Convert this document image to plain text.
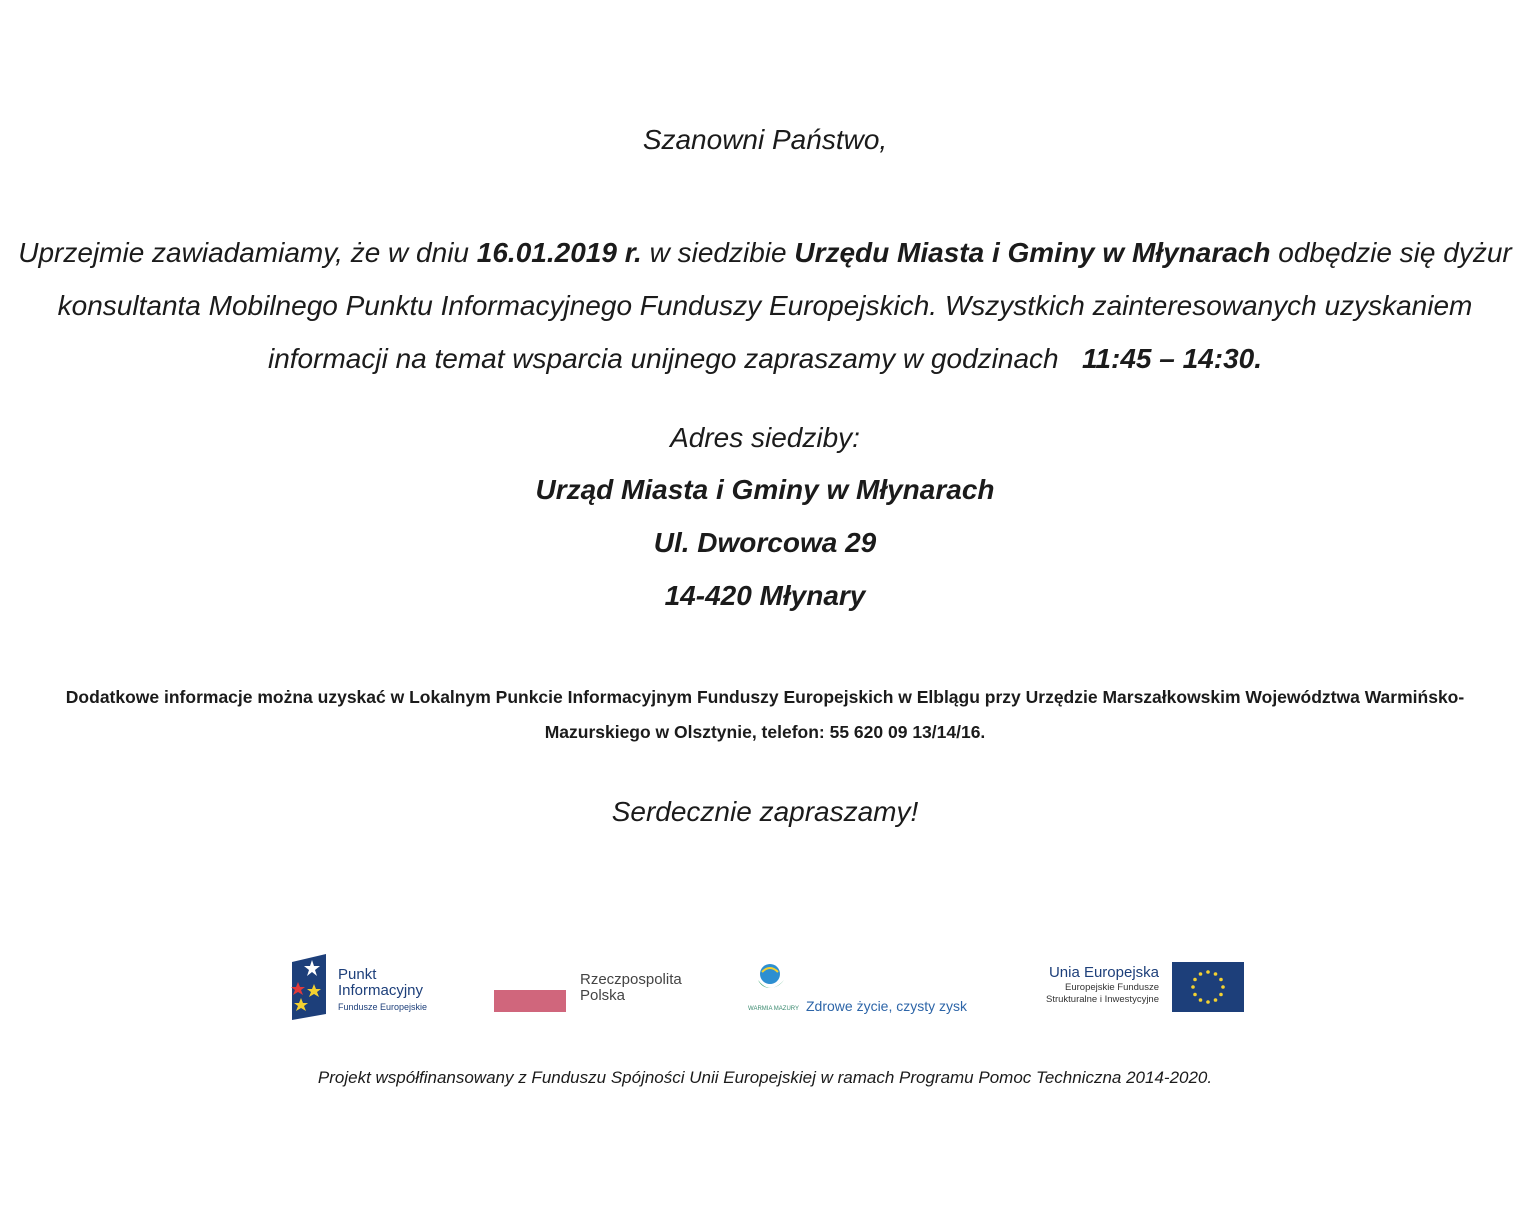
Szanowni Państwo,
Uprzejmie zawiadamiamy, że w dniu 16.01.2019 r. w siedzibie Urzędu Miasta i Gminy w Młynarach odbędzie się dyżur konsultanta Mobilnego Punktu Informacyjnego Funduszy Europejskich. Wszystkich zainteresowanych uzyskaniem informacji na temat wsparcia unijnego zapraszamy w godzinach   11:45 – 14:30.
Adres siedziby:
Urząd Miasta i Gminy w Młynarach
Ul. Dworcowa 29
14-420 Młynary
Dodatkowe informacje można uzyskać w Lokalnym Punkcie Informacyjnym Funduszy Europejskich w Elblągu przy Urzędzie Marszałkowskim Województwa Warmińsko-Mazurskiego w Olsztynie, telefon: 55 620 09 13/14/16.
Serdecznie zapraszamy!
Punkt
Informacyjny
Fundusze Europejskie
Rzeczpospolita
Polska
WARMIA MAZURY Zdrowe życie, czysty zysk
Unia Europejska
Europejskie Fundusze
Strukturalne i Inwestycyjne
Projekt współfinansowany z Funduszu Spójności Unii Europejskiej w ramach Programu Pomoc Techniczna 2014-2020.
